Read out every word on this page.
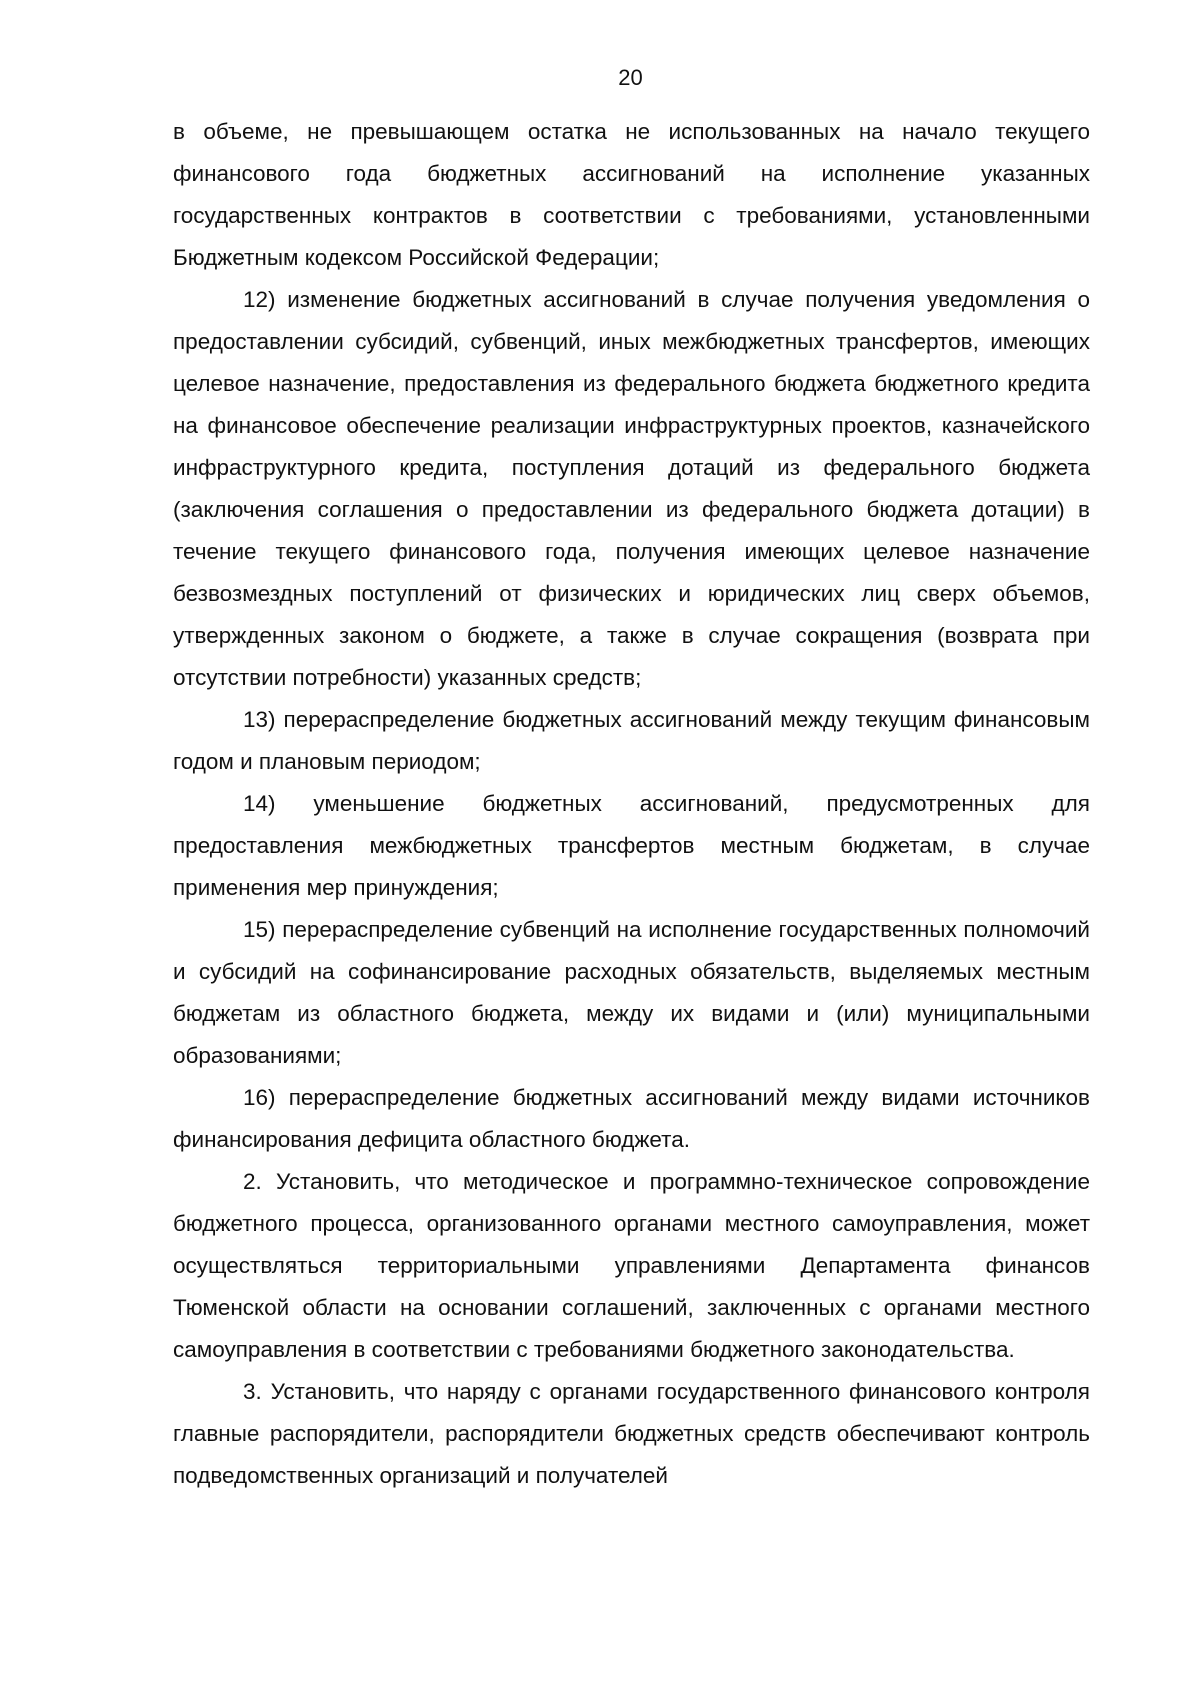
20

в объеме, не превышающем остатка не использованных на начало текущего финансового года бюджетных ассигнований на исполнение указанных государственных контрактов в соответствии с требованиями, установленными Бюджетным кодексом Российской Федерации;

12) изменение бюджетных ассигнований в случае получения уведомления о предоставлении субсидий, субвенций, иных межбюджетных трансфертов, имеющих целевое назначение, предоставления из федерального бюджета бюджетного кредита на финансовое обеспечение реализации инфраструктурных проектов, казначейского инфраструктурного кредита, поступления дотаций из федерального бюджета (заключения соглашения о предоставлении из федерального бюджета дотации) в течение текущего финансового года, получения имеющих целевое назначение безвозмездных поступлений от физических и юридических лиц сверх объемов, утвержденных законом о бюджете, а также в случае сокращения (возврата при отсутствии потребности) указанных средств;

13) перераспределение бюджетных ассигнований между текущим финансовым годом и плановым периодом;

14) уменьшение бюджетных ассигнований, предусмотренных для предоставления межбюджетных трансфертов местным бюджетам, в случае применения мер принуждения;

15) перераспределение субвенций на исполнение государственных полномочий и субсидий на софинансирование расходных обязательств, выделяемых местным бюджетам из областного бюджета, между их видами и (или) муниципальными образованиями;

16) перераспределение бюджетных ассигнований между видами источников финансирования дефицита областного бюджета.

2. Установить, что методическое и программно-техническое сопровождение бюджетного процесса, организованного органами местного самоуправления, может осуществляться территориальными управлениями Департамента финансов Тюменской области на основании соглашений, заключенных с органами местного самоуправления в соответствии с требованиями бюджетного законодательства.

3. Установить, что наряду с органами государственного финансового контроля главные распорядители, распорядители бюджетных средств обеспечивают контроль подведомственных организаций и получателей
